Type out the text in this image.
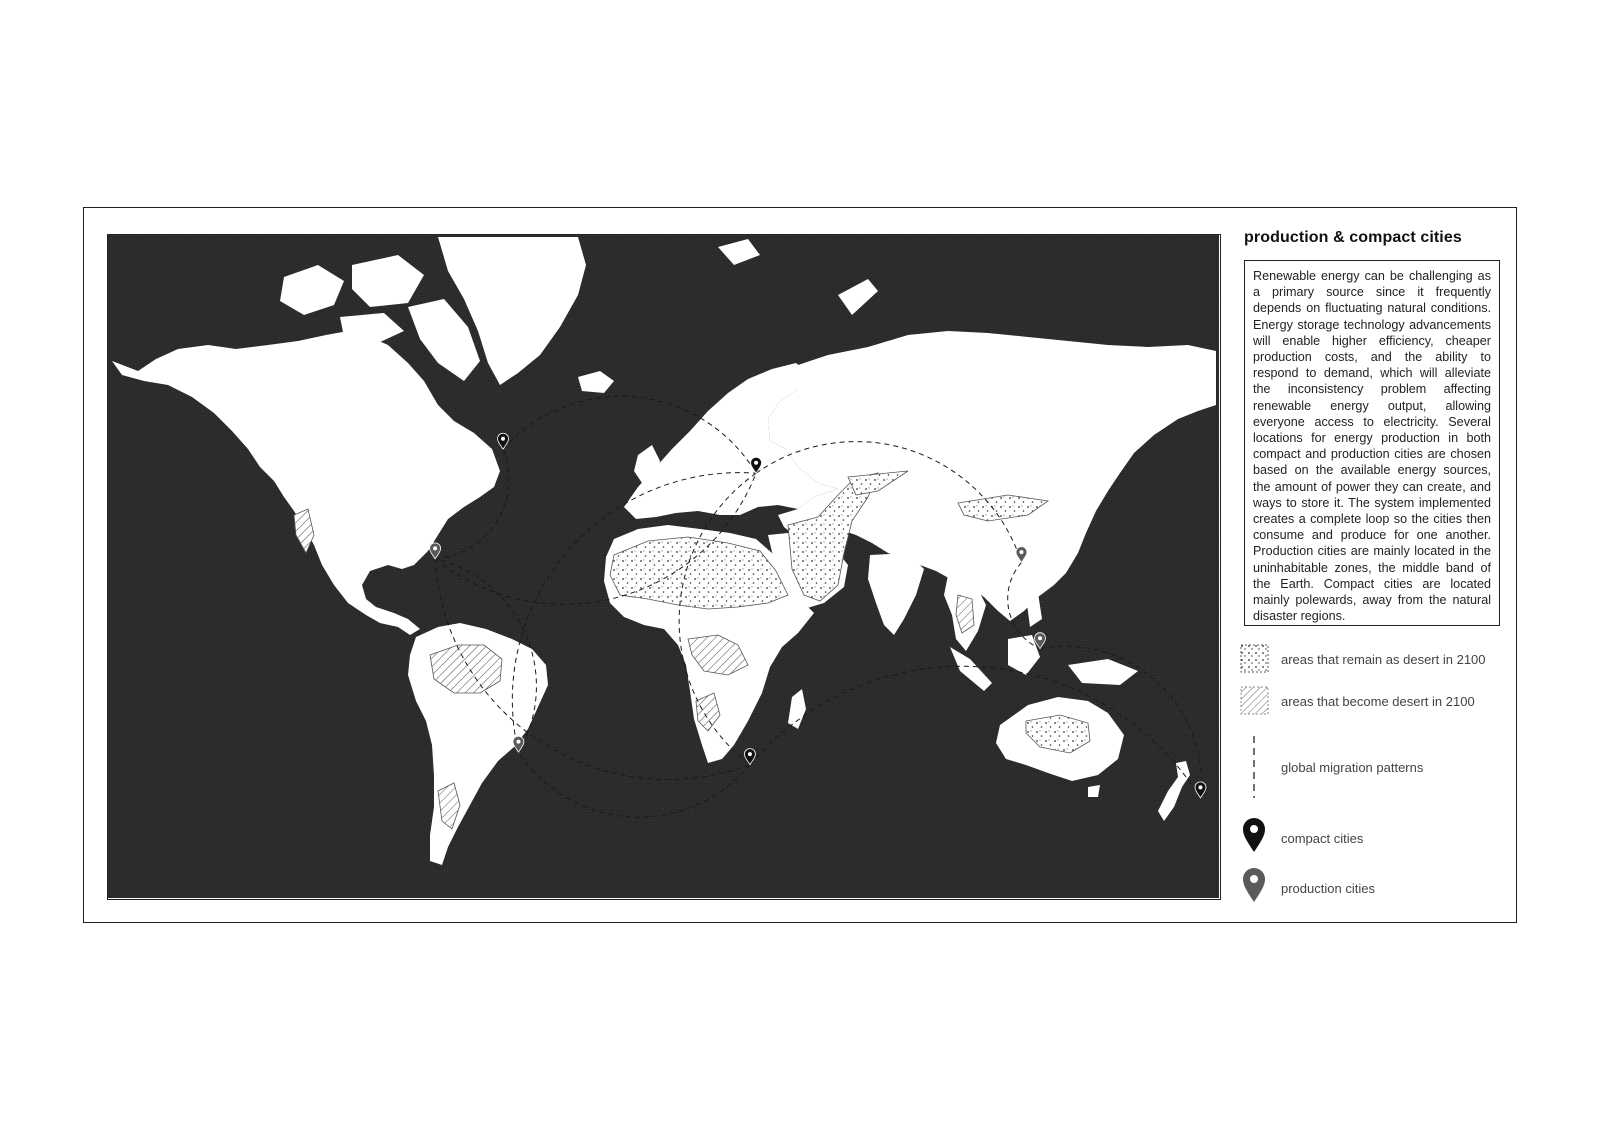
production & compact cities
Renewable energy can be challenging as a primary source since it frequently depends on fluctuating natural conditions. Energy storage technology advancements will enable higher efficiency, cheaper production costs, and the ability to respond to demand, which will alleviate the inconsistency problem affecting renewable energy output, allowing everyone access to electricity. Several locations for energy production in both compact and production cities are chosen based on the available energy sources, the amount of power they can create, and ways to store it. The system implemented creates a complete loop so the cities then consume and produce for one another. Production cities are mainly located in the uninhabitable zones, the middle band of the Earth. Compact cities are located mainly polewards, away from the natural disaster regions.
areas that remain as desert in 2100
areas that become desert in 2100
global migration patterns
compact cities
production cities
